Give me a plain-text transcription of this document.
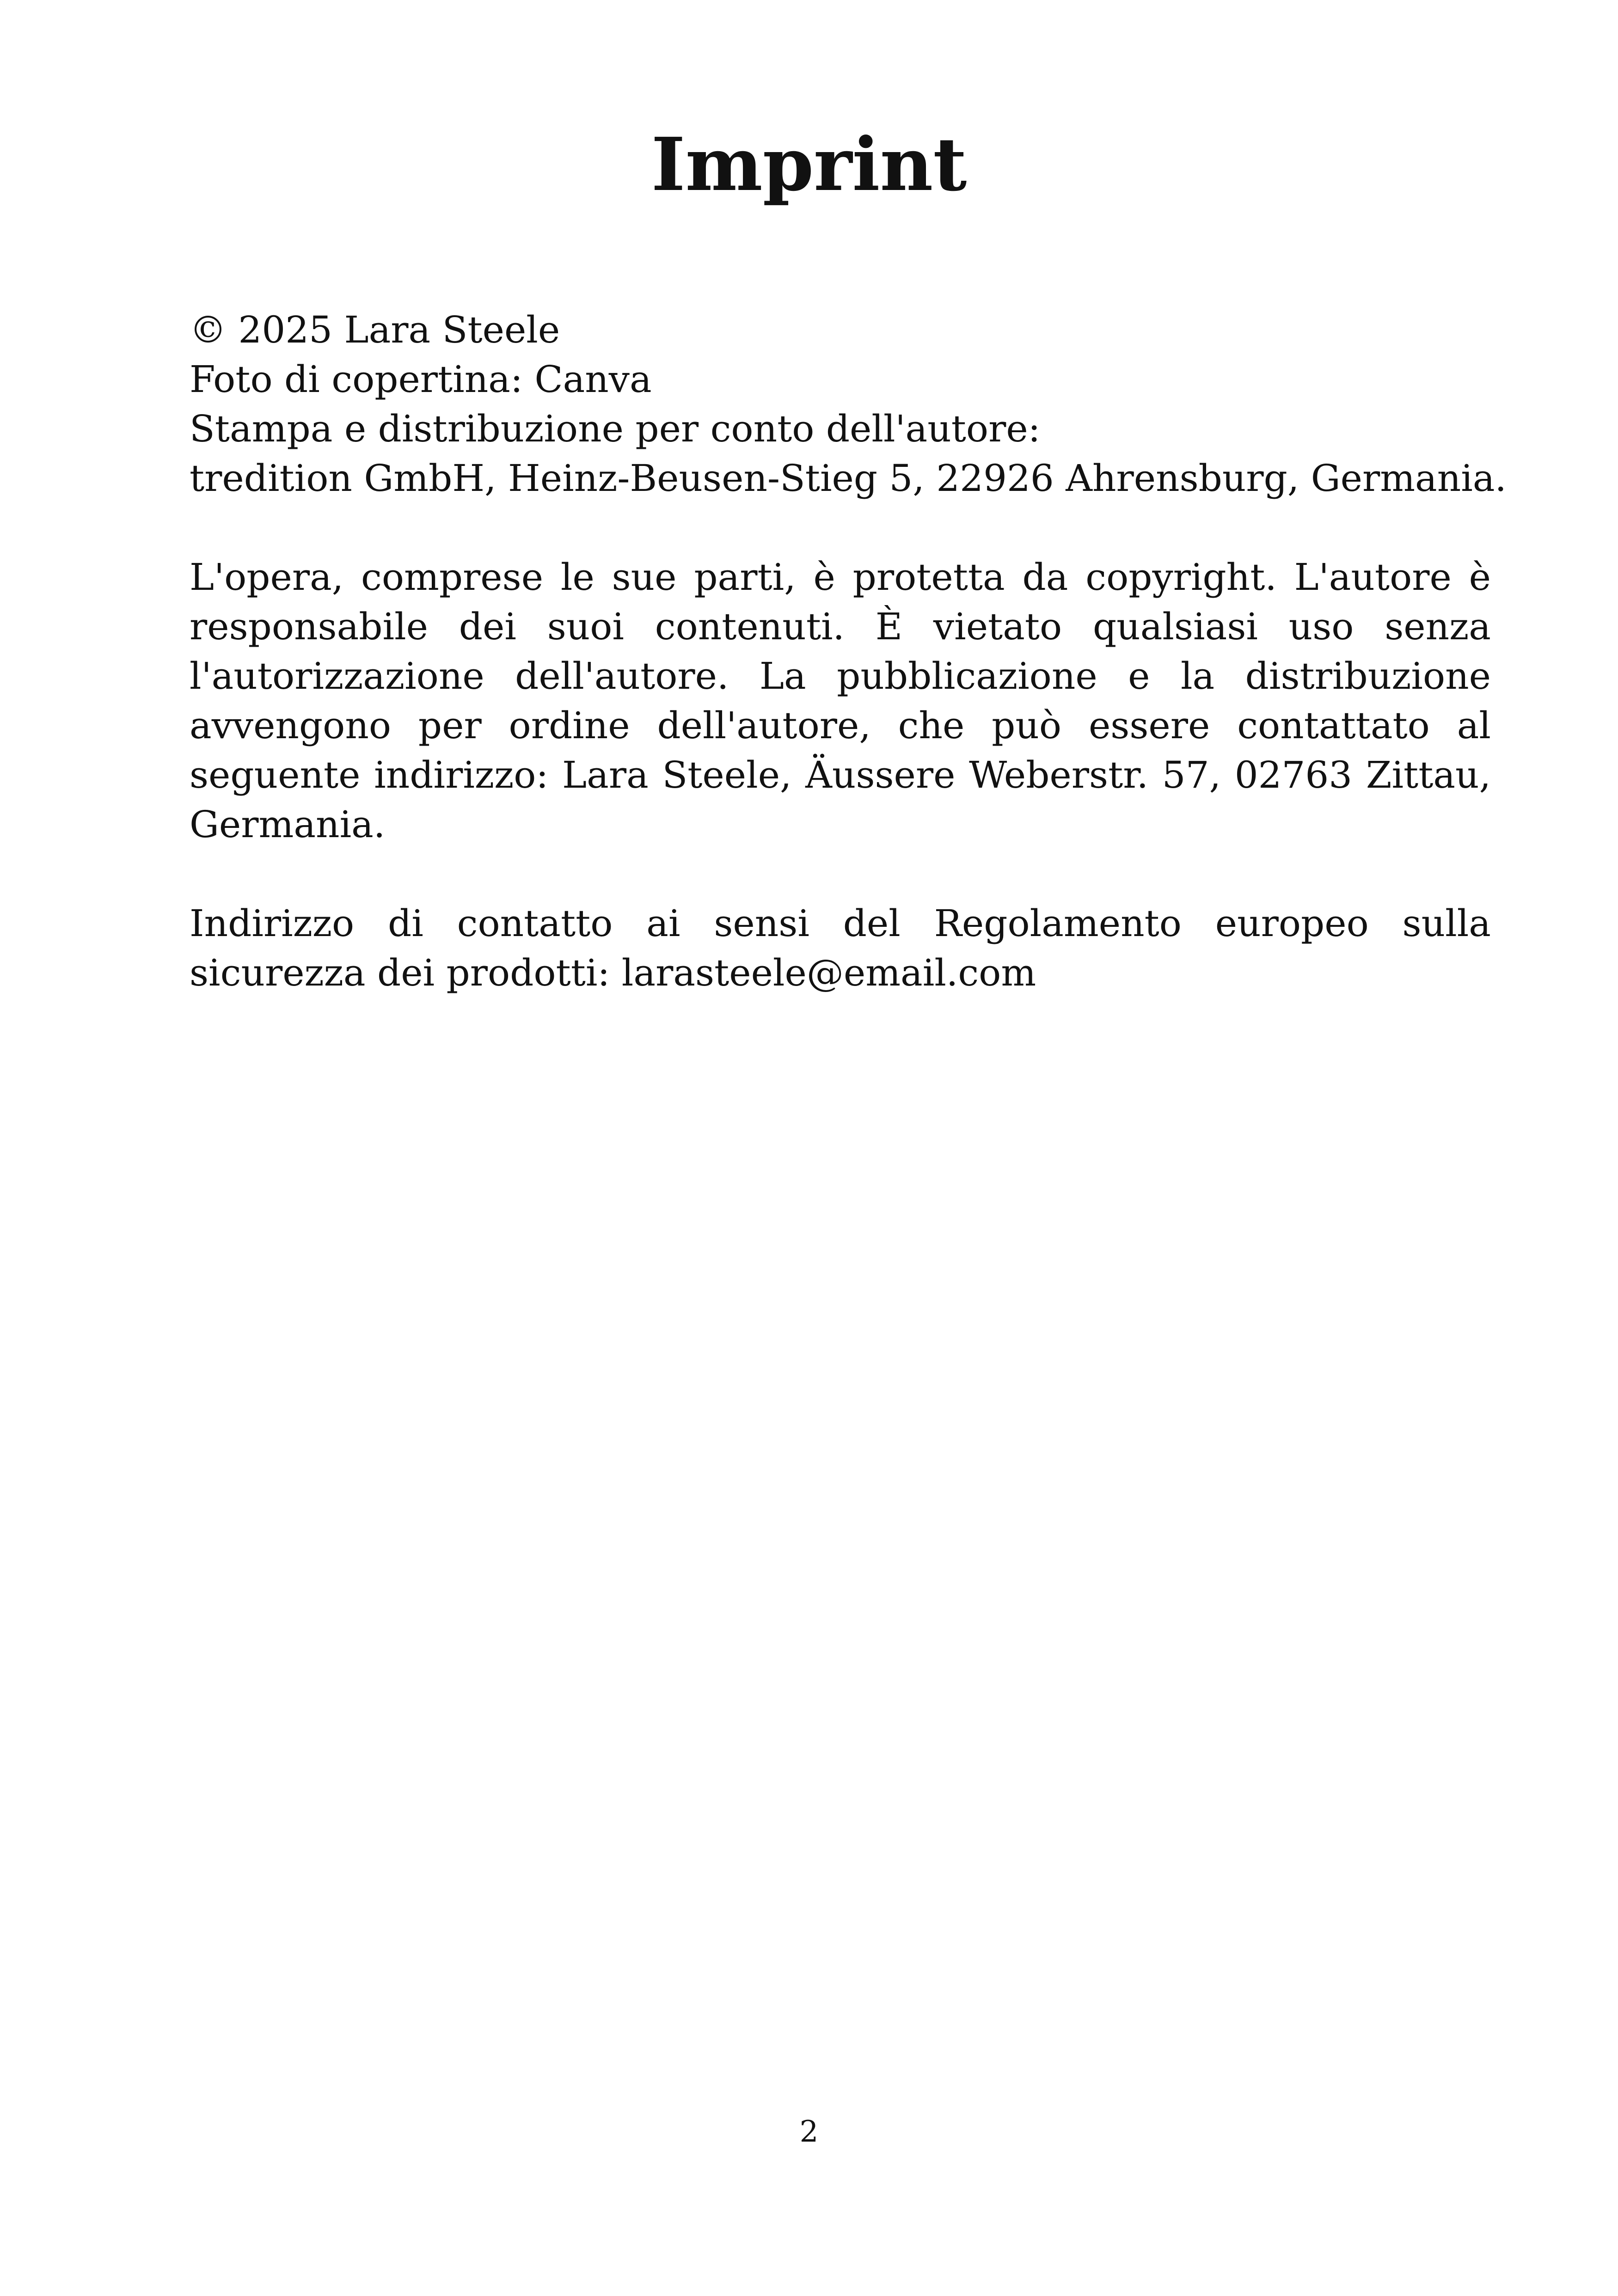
Imprint

© 2025 Lara Steele
Foto di copertina: Canva
Stampa e distribuzione per conto dell'autore:
tredition GmbH, Heinz-Beusen-Stieg 5, 22926 Ahrensburg, Germania.

L'opera, comprese le sue parti, è protetta da copyright. L'autore è responsabile dei suoi contenuti. È vietato qualsiasi uso senza l'autorizzazione dell'autore. La pubblicazione e la distribuzione avvengono per ordine dell'autore, che può essere contattato al seguente indirizzo: Lara Steele, Äussere Weberstr. 57, 02763 Zittau, Germania.

Indirizzo di contatto ai sensi del Regolamento europeo sulla sicurezza dei prodotti: larasteele@email.com

2
